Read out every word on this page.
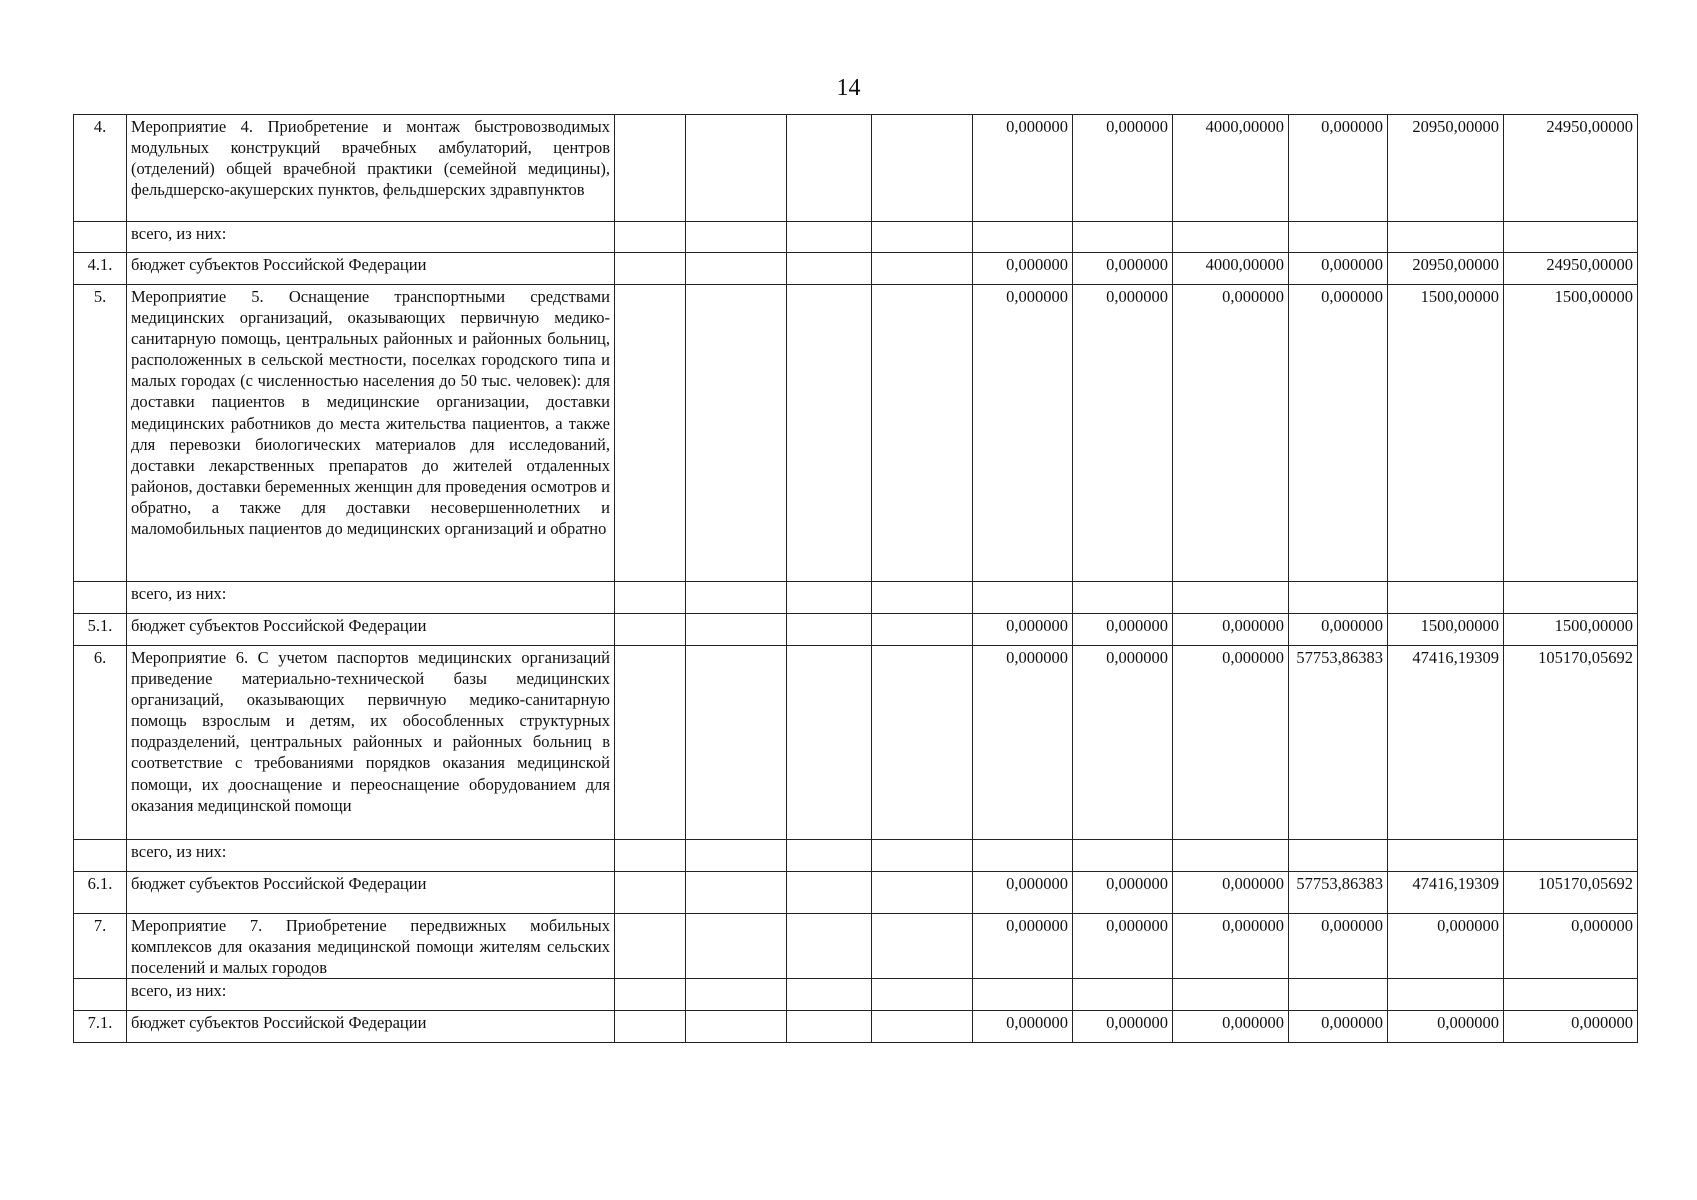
14
4.	Мероприятие 4. Приобретение и монтаж быстровозводимых модульных конструкций врачебных амбулаторий, центров (отделений) общей врачебной практики (семейной медицины), фельдшерско-акушерских пунктов, фельдшерских здравпунктов					0,000000	0,000000	4000,00000	0,000000	20950,00000	24950,00000
	всего, из них:										
4.1.	бюджет субъектов Российской Федерации					0,000000	0,000000	4000,00000	0,000000	20950,00000	24950,00000
5.	Мероприятие 5. Оснащение транспортными средствами медицинских организаций, оказывающих первичную медико-санитарную помощь, центральных районных и районных больниц, расположенных в сельской местности, поселках городского типа и малых городах (с численностью населения до 50 тыс. человек): для доставки пациентов в медицинские организации, доставки медицинских работников до места жительства пациентов, а также для перевозки биологических материалов для исследований, доставки лекарственных препаратов до жителей отдаленных районов, доставки беременных женщин для проведения осмотров и обратно, а также для доставки несовершеннолетних и маломобильных пациентов до медицинских организаций и обратно					0,000000	0,000000	0,000000	0,000000	1500,00000	1500,00000
	всего, из них:										
5.1.	бюджет субъектов Российской Федерации					0,000000	0,000000	0,000000	0,000000	1500,00000	1500,00000
6.	Мероприятие 6. С учетом паспортов медицинских организаций приведение материально-технической базы медицинских организаций, оказывающих первичную медико-санитарную помощь взрослым и детям, их обособленных структурных подразделений, центральных районных и районных больниц в соответствие с требованиями порядков оказания медицинской помощи, их дооснащение и переоснащение оборудованием для оказания медицинской помощи					0,000000	0,000000	0,000000	57753,86383	47416,19309	105170,05692
	всего, из них:										
6.1.	бюджет субъектов Российской Федерации					0,000000	0,000000	0,000000	57753,86383	47416,19309	105170,05692
7.	Мероприятие 7. Приобретение передвижных мобильных комплексов для оказания медицинской помощи жителям сельских поселений и малых городов					0,000000	0,000000	0,000000	0,000000	0,000000	0,000000
	всего, из них:										
7.1.	бюджет субъектов Российской Федерации					0,000000	0,000000	0,000000	0,000000	0,000000	0,000000
